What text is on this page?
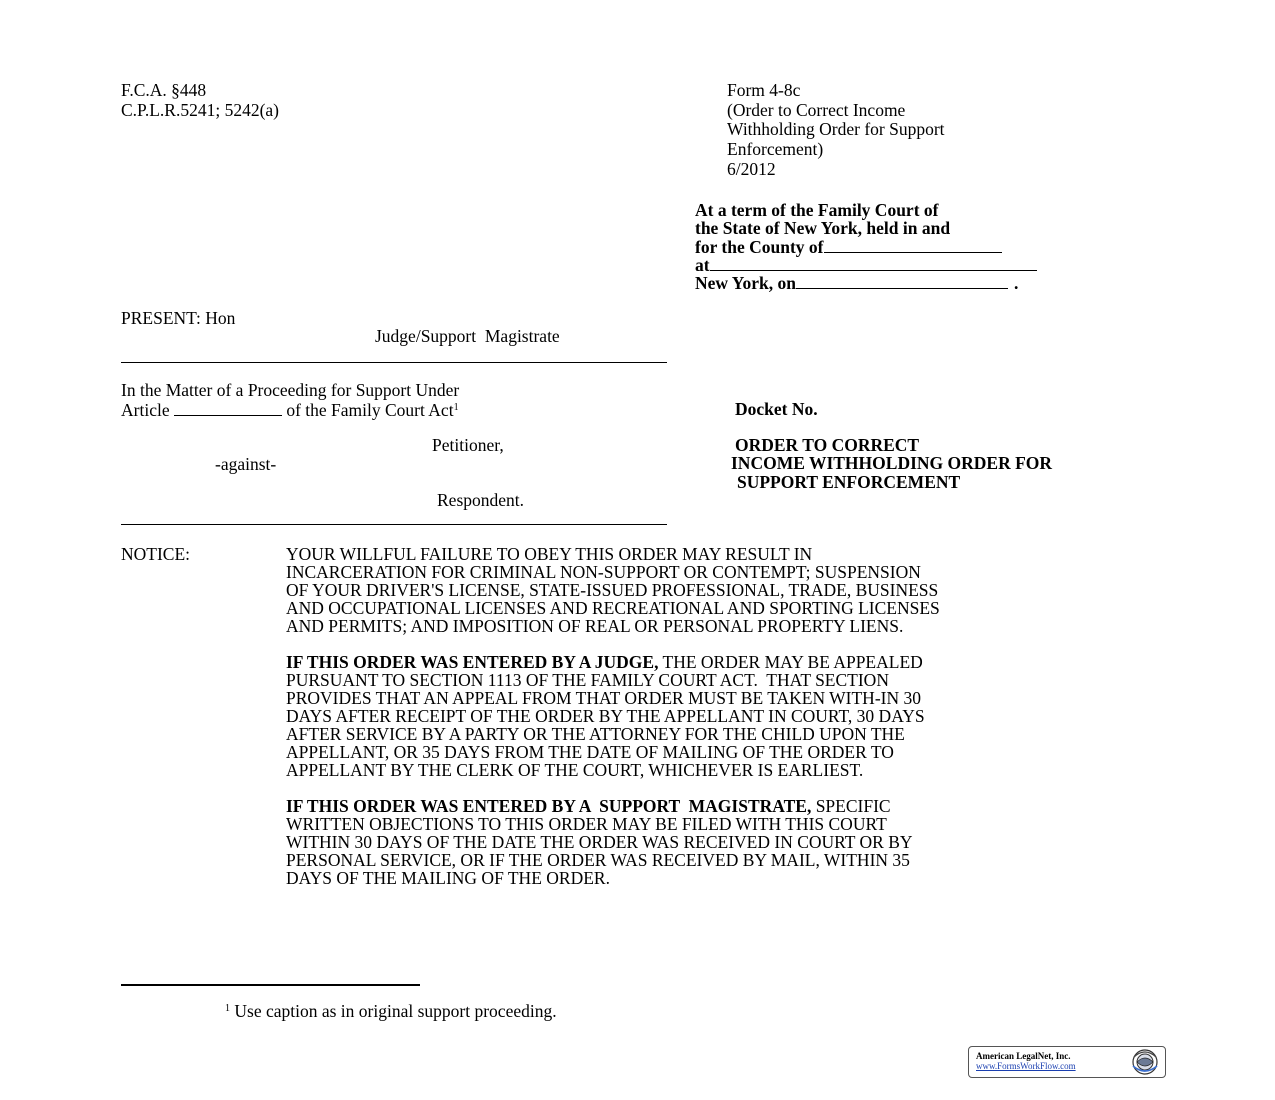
F.C.A. §448
C.P.L.R.5241; 5242(a)
Form 4-8c
(Order to Correct Income
Withholding Order for Support
Enforcement)
6/2012
At a term of the Family Court of
the State of New York, held in and
for the County of
at
New York, on	.
PRESENT: Hon
Judge/Support  Magistrate
In the Matter of a Proceeding for Support Under
Article	of the Family Court Act$^1$
Petitioner,
-against-
Respondent.
Docket No.
ORDER TO CORRECT
INCOME WITHHOLDING ORDER FOR
SUPPORT ENFORCEMENT
NOTICE:	YOUR WILLFUL FAILURE TO OBEY THIS ORDER MAY RESULT IN
INCARCERATION FOR CRIMINAL NON-SUPPORT OR CONTEMPT; SUSPENSION
OF YOUR DRIVER'S LICENSE, STATE-ISSUED PROFESSIONAL, TRADE, BUSINESS
AND OCCUPATIONAL LICENSES AND RECREATIONAL AND SPORTING LICENSES
AND PERMITS; AND IMPOSITION OF REAL OR PERSONAL PROPERTY LIENS.
IF THIS ORDER WAS ENTERED BY A JUDGE, THE ORDER MAY BE APPEALED
PURSUANT TO SECTION 1113 OF THE FAMILY COURT ACT.  THAT SECTION
PROVIDES THAT AN APPEAL FROM THAT ORDER MUST BE TAKEN WITH-IN 30
DAYS AFTER RECEIPT OF THE ORDER BY THE APPELLANT IN COURT, 30 DAYS
AFTER SERVICE BY A PARTY OR THE ATTORNEY FOR THE CHILD UPON THE
APPELLANT, OR 35 DAYS FROM THE DATE OF MAILING OF THE ORDER TO
APPELLANT BY THE CLERK OF THE COURT, WHICHEVER IS EARLIEST.
IF THIS ORDER WAS ENTERED BY A  SUPPORT  MAGISTRATE, SPECIFIC
WRITTEN OBJECTIONS TO THIS ORDER MAY BE FILED WITH THIS COURT
WITHIN 30 DAYS OF THE DATE THE ORDER WAS RECEIVED IN COURT OR BY
PERSONAL SERVICE, OR IF THE ORDER WAS RECEIVED BY MAIL, WITHIN 35
DAYS OF THE MAILING OF THE ORDER.
$^1$ Use caption as in original support proceeding.
American LegalNet, Inc.
www.FormsWorkFlow.com
